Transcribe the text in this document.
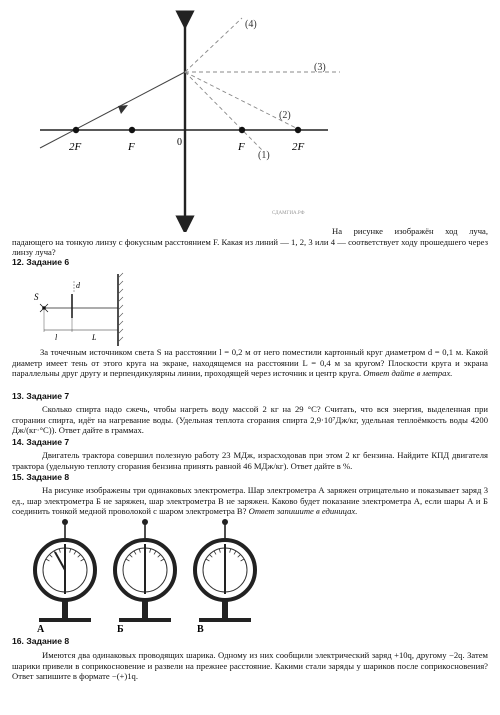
(4)
(3)
(2)
(1)
2F	F	0	F	2F
СДАМГИА.РФ

На рисунке изображён ход луча, падающего на тонкую линзу с фокусным расстоянием F. Какая из линий — 1, 2, 3 или 4 — соответствует ходу прошедшего через линзу луча?

12. Задание 6
S
d
l	L

За точечным источником света S на расстоянии l = 0,2 м от него поместили картонный круг диаметром d = 0,1 м. Какой диаметр имеет тень от этого круга на экране, находящемся на расстоянии L = 0,4 м за кругом? Плоскости круга и экрана параллельны друг другу и перпендикулярны линии, проходящей через источник и центр круга. Ответ дайте в метрах.

13. Задание 7

Сколько спирта надо сжечь, чтобы нагреть воду массой 2 кг на 29 °С? Считать, что вся энергия, выделенная при сгорании спирта, идёт на нагревание воды. (Удельная теплота сгорания спирта 2,9·10⁷Дж/кг, удельная теплоёмкость воды 4200 Дж/(кг·°С)). Ответ дайте в граммах.

14. Задание 7

Двигатель трактора совершил полезную работу 23 МДж, израсходовав при этом 2 кг бензина. Найдите КПД двигателя трактора (удельную теплоту сгорания бензина принять равной 46 МДж/кг). Ответ дайте в %.

15. Задание 8

На рисунке изображены три одинаковых электрометра. Шар электрометра А заряжен отрицательно и показывает заряд 3 ед., шар электрометра Б не заряжен, шар электрометра В не заряжен. Каково будет показание электрометра А, если шары А и Б соединить тонкой медной проволокой с шаром электрометра В? Ответ запишите в единицах.

А	Б	В
16. Задание 8

Имеются два одинаковых проводящих шарика. Одному из них сообщили электрический заряд +10q, другому −2q. Затем шарики привели в соприкосновение и развели на прежнее расстояние. Какими стали заряды у шариков после соприкосновения? Ответ запишите в формате −(+)1q.
